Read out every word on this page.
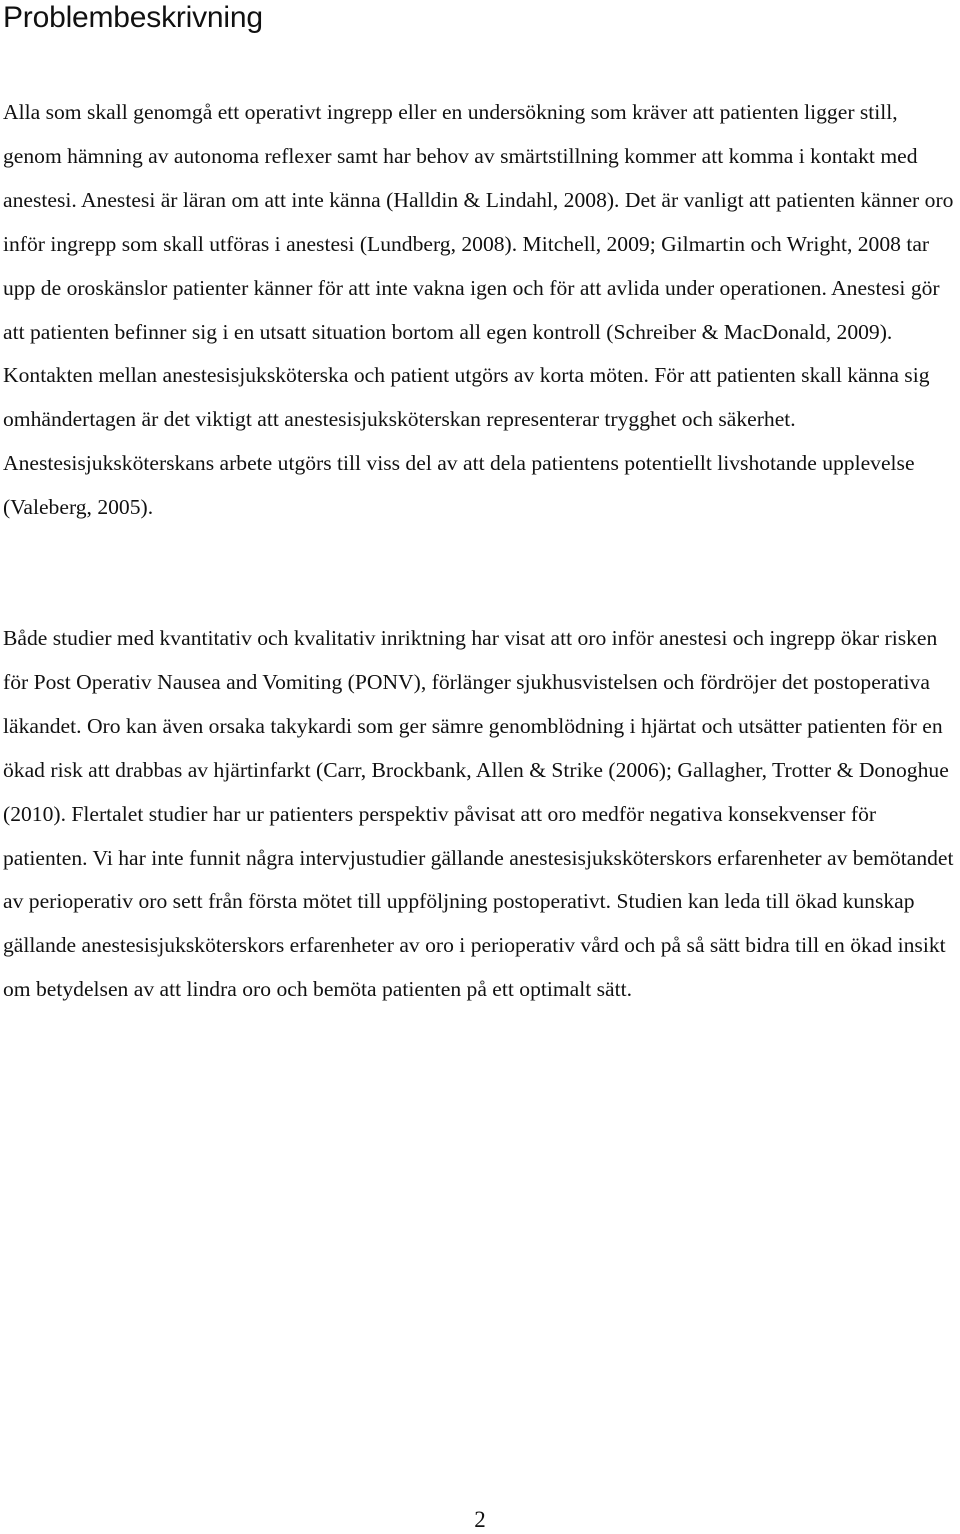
Problembeskrivning

Alla som skall genomgå ett operativt ingrepp eller en undersökning som kräver att patienten ligger still, genom hämning av autonoma reflexer samt har behov av smärtstillning kommer att komma i kontakt med anestesi. Anestesi är läran om att inte känna (Halldin & Lindahl, 2008). Det är vanligt att patienten känner oro inför ingrepp som skall utföras i anestesi (Lundberg, 2008). Mitchell, 2009; Gilmartin och Wright, 2008 tar upp de oroskänslor patienter känner för att inte vakna igen och för att avlida under operationen. Anestesi gör att patienten befinner sig i en utsatt situation bortom all egen kontroll (Schreiber & MacDonald, 2009). Kontakten mellan anestesisjuksköterska och patient utgörs av korta möten. För att patienten skall känna sig omhändertagen är det viktigt att anestesisjuksköterskan representerar trygghet och säkerhet. Anestesisjuksköterskans arbete utgörs till viss del av att dela patientens potentiellt livshotande upplevelse (Valeberg, 2005).

Både studier med kvantitativ och kvalitativ inriktning har visat att oro inför anestesi och ingrepp ökar risken för Post Operativ Nausea and Vomiting (PONV), förlänger sjukhusvistelsen och fördröjer det postoperativa läkandet. Oro kan även orsaka takykardi som ger sämre genomblödning i hjärtat och utsätter patienten för en ökad risk att drabbas av hjärtinfarkt (Carr, Brockbank, Allen & Strike (2006); Gallagher, Trotter & Donoghue (2010). Flertalet studier har ur patienters perspektiv påvisat att oro medför negativa konsekvenser för patienten. Vi har inte funnit några intervjustudier gällande anestesisjuksköterskors erfarenheter av bemötandet av perioperativ oro sett från första mötet till uppföljning postoperativt. Studien kan leda till ökad kunskap gällande anestesisjuksköterskors erfarenheter av oro i perioperativ vård och på så sätt bidra till en ökad insikt om betydelsen av att lindra oro och bemöta patienten på ett optimalt sätt.

2
